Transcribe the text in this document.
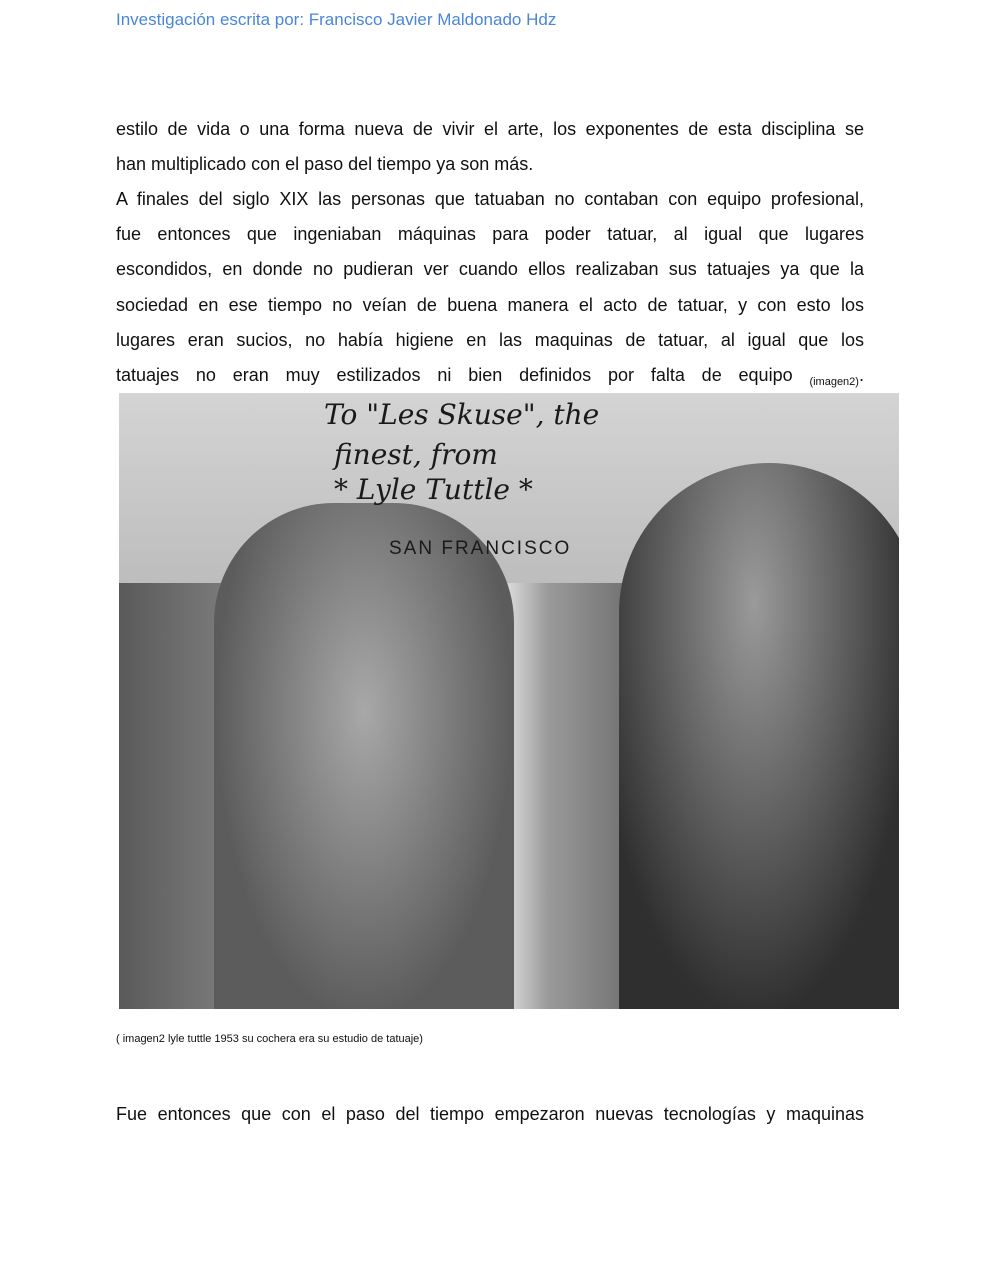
Investigación escrita por: Francisco Javier Maldonado Hdz
estilo de vida o una forma nueva de vivir el arte, los exponentes de esta disciplina se
han multiplicado con el paso del tiempo ya son más.
A finales del siglo XIX las personas que tatuaban no contaban con equipo profesional,
fue entonces que ingeniaban máquinas para poder tatuar, al igual que lugares
escondidos, en donde no pudieran ver cuando ellos realizaban sus tatuajes ya que la
sociedad en ese tiempo no veían de buena manera el acto de tatuar, y con esto los
lugares eran sucios, no había higiene en las maquinas de tatuar, al igual que los
tatuajes no eran muy estilizados ni bien definidos por falta de equipo $_{(imagen2)}$.
To "Les Skuse", the
finest, from
* Lyle Tuttle *
SAN FRANCISCO
( imagen2 lyle tuttle 1953 su cochera era su estudio de tatuaje)
Fue entonces que con el paso del tiempo empezaron nuevas tecnologías y maquinas
